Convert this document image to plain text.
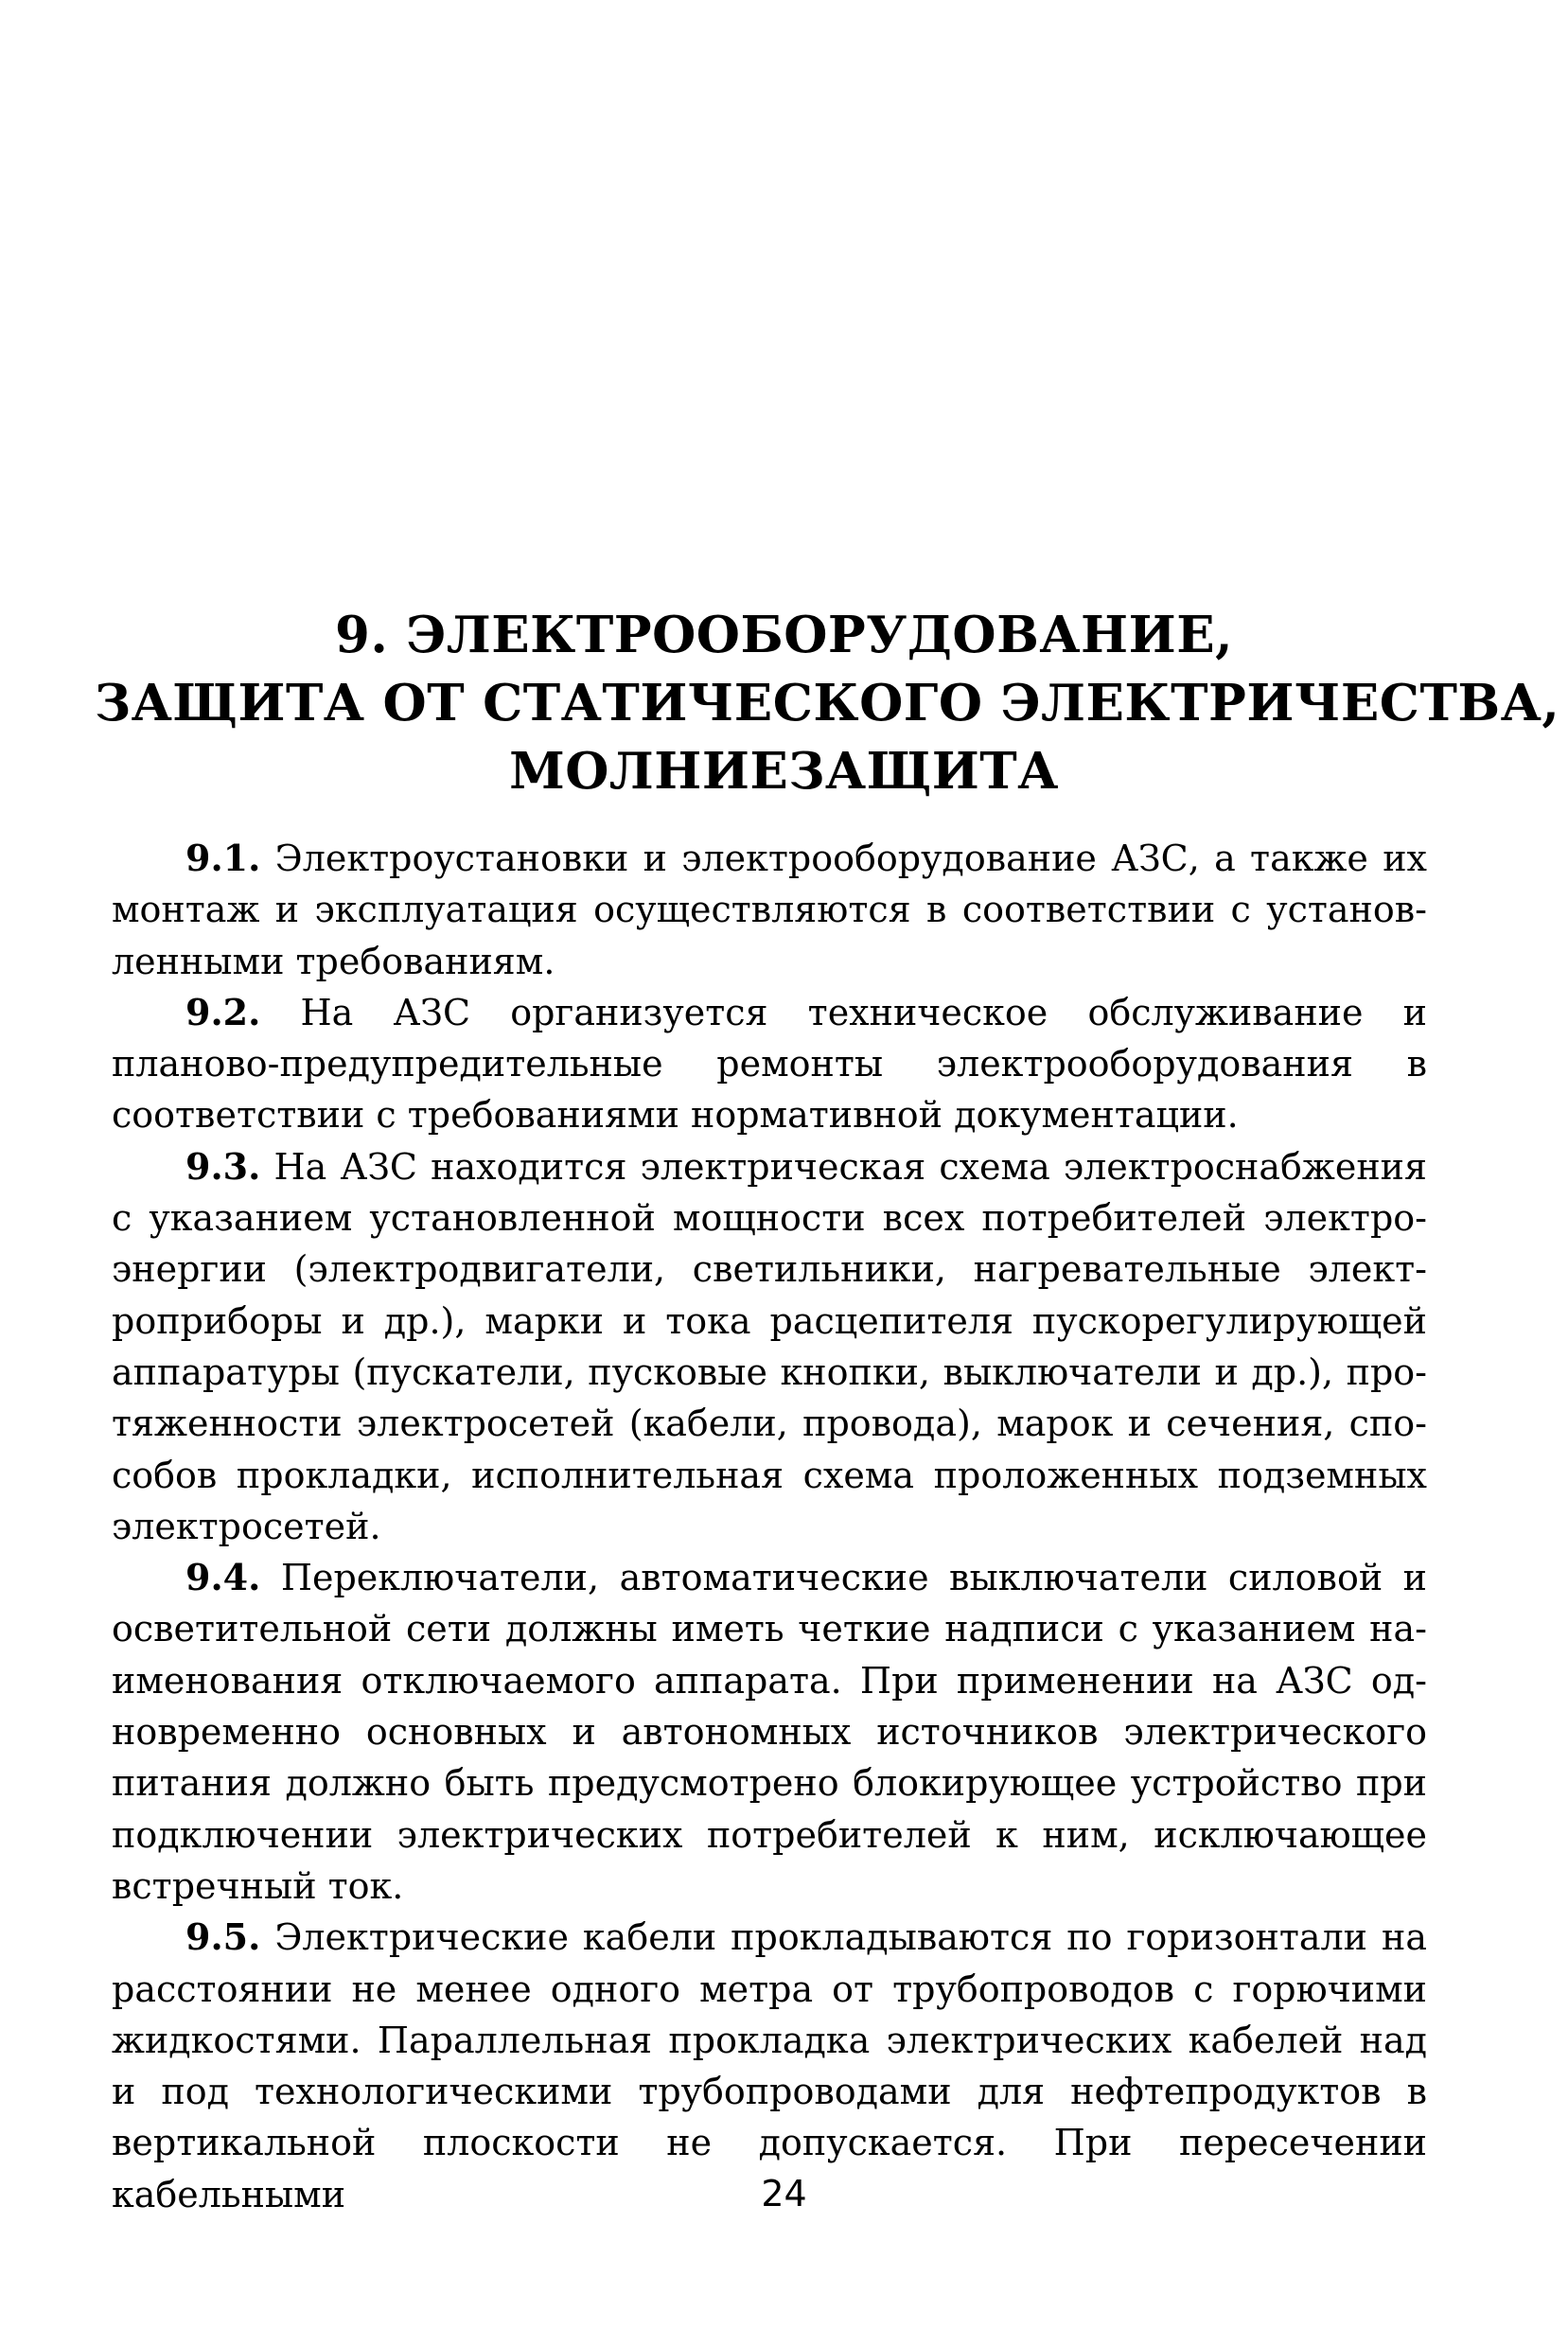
9. ЭЛЕКТРООБОРУДОВАНИЕ,
ЗАЩИТА ОТ СТАТИЧЕСКОГО ЭЛЕКТРИЧЕСТВА,
МОЛНИЕЗАЩИТА

9.1. Электроустановки и электрооборудование АЗС, а также их монтаж и эксплуатация осуществляются в соответствии с установленными требованиям.

9.2. На АЗС организуется техническое обслуживание и планово-предупредительные ремонты электрооборудования в соответствии с требованиями нормативной документации.

9.3. На АЗС находится электрическая схема электроснабжения с указанием установленной мощности всех потребителей электроэнергии (электродвигатели, светильники, нагревательные электроприборы и др.), марки и тока расцепителя пускорегулирующей аппаратуры (пускатели, пусковые кнопки, выключатели и др.), протяженности электросетей (кабели, провода), марок и сечения, способов прокладки, исполнительная схема проложенных подземных электросетей.

9.4. Переключатели, автоматические выключатели силовой и осветительной сети должны иметь четкие надписи с указанием наименования отключаемого аппарата. При применении на АЗС одновременно основных и автономных источников электрического питания должно быть предусмотрено блокирующее устройство при подключении электрических потребителей к ним, исключающее встречный ток.

9.5. Электрические кабели прокладываются по горизонтали на расстоянии не менее одного метра от трубопроводов с горючими жидкостями. Параллельная прокладка электрических кабелей над и под технологическими трубопроводами для нефтепродуктов в вертикальной плоскости не допускается. При пересечении кабельными	24
